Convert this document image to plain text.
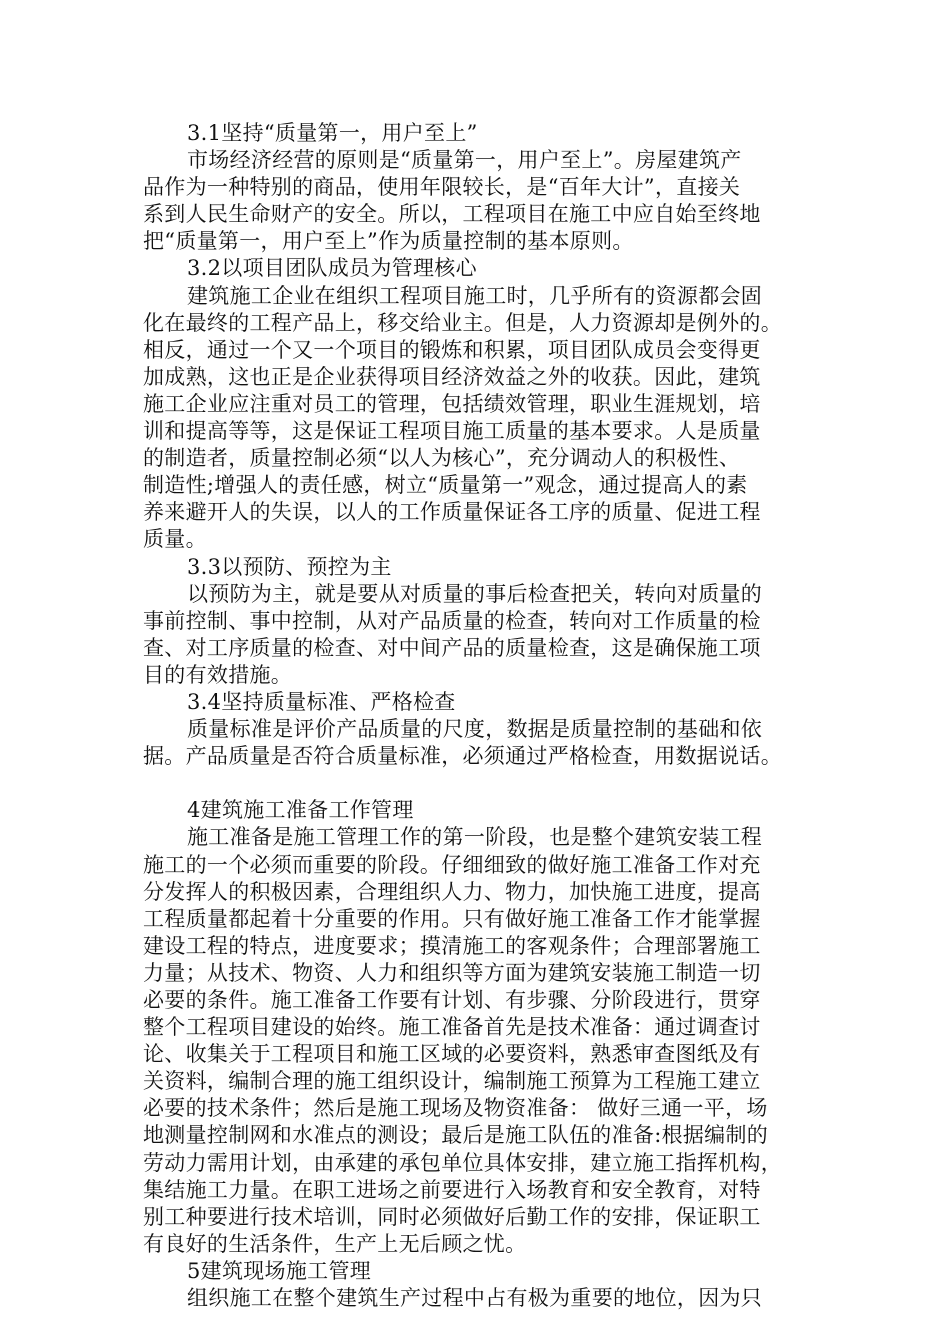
3.1坚持“质量第一，用户至上”
市场经济经营的原则是“质量第一，用户至上”。房屋建筑产
品作为一种特别的商品，使用年限较长，是“百年大计”，直接关
系到人民生命财产的安全。所以，工程项目在施工中应自始至终地
把“质量第一，用户至上”作为质量控制的基本原则。
3.2以项目团队成员为管理核心
建筑施工企业在组织工程项目施工时，几乎所有的资源都会固
化在最终的工程产品上，移交给业主。但是，人力资源却是例外的。
相反，通过一个又一个项目的锻炼和积累，项目团队成员会变得更
加成熟，这也正是企业获得项目经济效益之外的收获。因此，建筑
施工企业应注重对员工的管理，包括绩效管理，职业生涯规划，培
训和提高等等，这是保证工程项目施工质量的基本要求。人是质量
的制造者，质量控制必须“以人为核心”，充分调动人的积极性、
制造性;增强人的责任感，树立“质量第一”观念，通过提高人的素
养来避开人的失误，以人的工作质量保证各工序的质量、促进工程
质量。
3.3以预防、预控为主
以预防为主，就是要从对质量的事后检查把关，转向对质量的
事前控制、事中控制，从对产品质量的检查，转向对工作质量的检
查、对工序质量的检查、对中间产品的质量检查，这是确保施工项
目的有效措施。
3.4坚持质量标准、严格检查
质量标准是评价产品质量的尺度，数据是质量控制的基础和依
据。产品质量是否符合质量标准，必须通过严格检查，用数据说话。
4建筑施工准备工作管理
施工准备是施工管理工作的第一阶段，也是整个建筑安装工程
施工的一个必须而重要的阶段。仔细细致的做好施工准备工作对充
分发挥人的积极因素，合理组织人力、物力，加快施工进度，提高
工程质量都起着十分重要的作用。只有做好施工准备工作才能掌握
建设工程的特点，进度要求；摸清施工的客观条件；合理部署施工
力量；从技术、物资、人力和组织等方面为建筑安装施工制造一切
必要的条件。施工准备工作要有计划、有步骤、分阶段进行，贯穿
整个工程项目建设的始终。施工准备首先是技术准备：通过调查讨
论、收集关于工程项目和施工区域的必要资料，熟悉审查图纸及有
关资料，编制合理的施工组织设计，编制施工预算为工程施工建立
必要的技术条件；然后是施工现场及物资准备： 做好三通一平，场
地测量控制网和水准点的测设；最后是施工队伍的准备:根据编制的
劳动力需用计划，由承建的承包单位具体安排，建立施工指挥机构，
集结施工力量。在职工进场之前要进行入场教育和安全教育，对特
别工种要进行技术培训，同时必须做好后勤工作的安排，保证职工
有良好的生活条件，生产上无后顾之忧。
5建筑现场施工管理
组织施工在整个建筑生产过程中占有极为重要的地位，因为只
